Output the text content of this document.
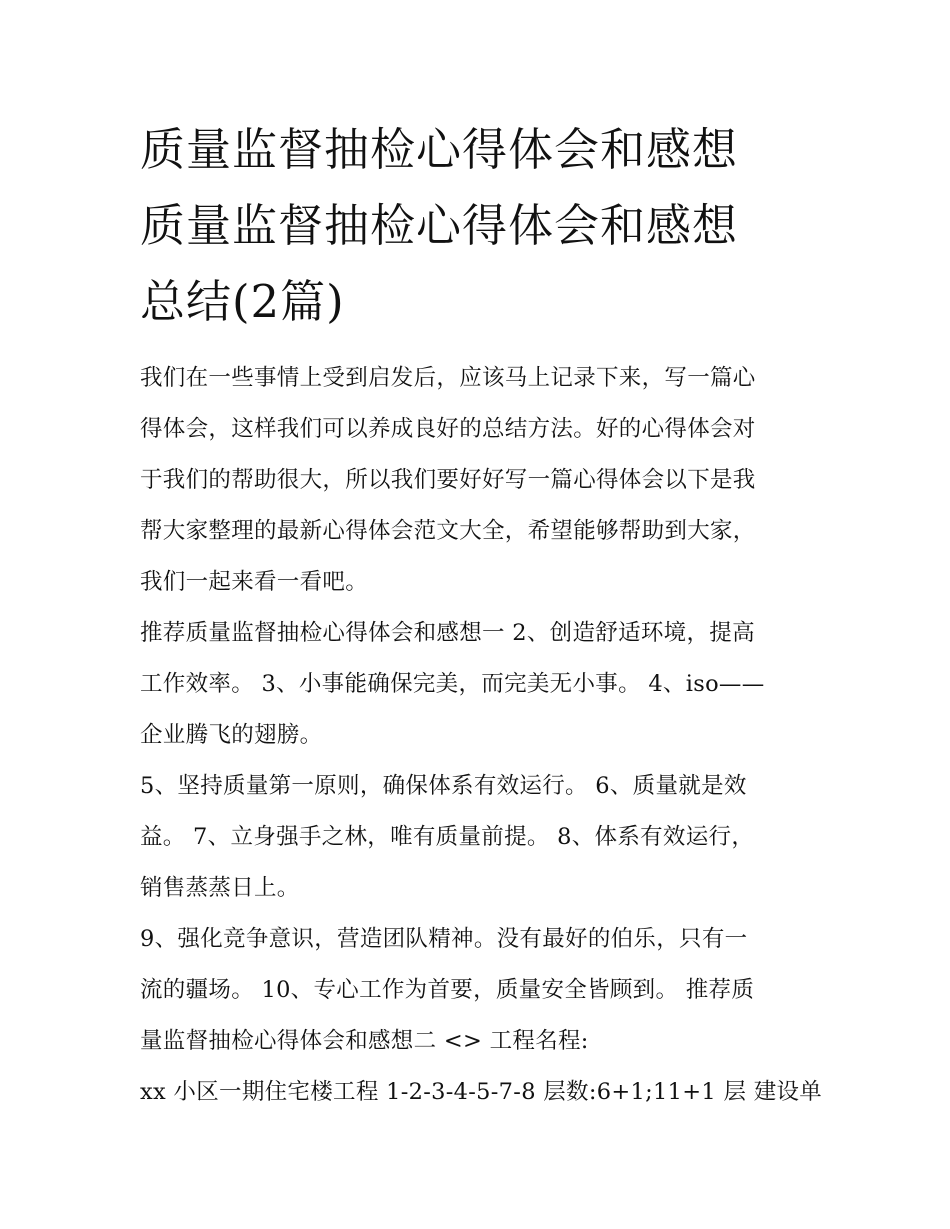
质量监督抽检心得体会和感想
质量监督抽检心得体会和感想
总结(2篇)

我们在一些事情上受到启发后，应该马上记录下来，写一篇心
得体会，这样我们可以养成良好的总结方法。好的心得体会对
于我们的帮助很大，所以我们要好好写一篇心得体会以下是我
帮大家整理的最新心得体会范文大全，希望能够帮助到大家，
我们一起来看一看吧。

推荐质量监督抽检心得体会和感想一 2、创造舒适环境，提高
工作效率。 3、小事能确保完美，而完美无小事。 4、iso——
企业腾飞的翅膀。

5、坚持质量第一原则，确保体系有效运行。 6、质量就是效
益。 7、立身强手之林，唯有质量前提。 8、体系有效运行，
销售蒸蒸日上。

9、强化竞争意识，营造团队精神。没有最好的伯乐，只有一
流的疆场。 10、专心工作为首要，质量安全皆顾到。 推荐质
量监督抽检心得体会和感想二 <> 工程名程:

xx 小区一期住宅楼工程 1-2-3-4-5-7-8 层数:6+1;11+1 层 建设单
